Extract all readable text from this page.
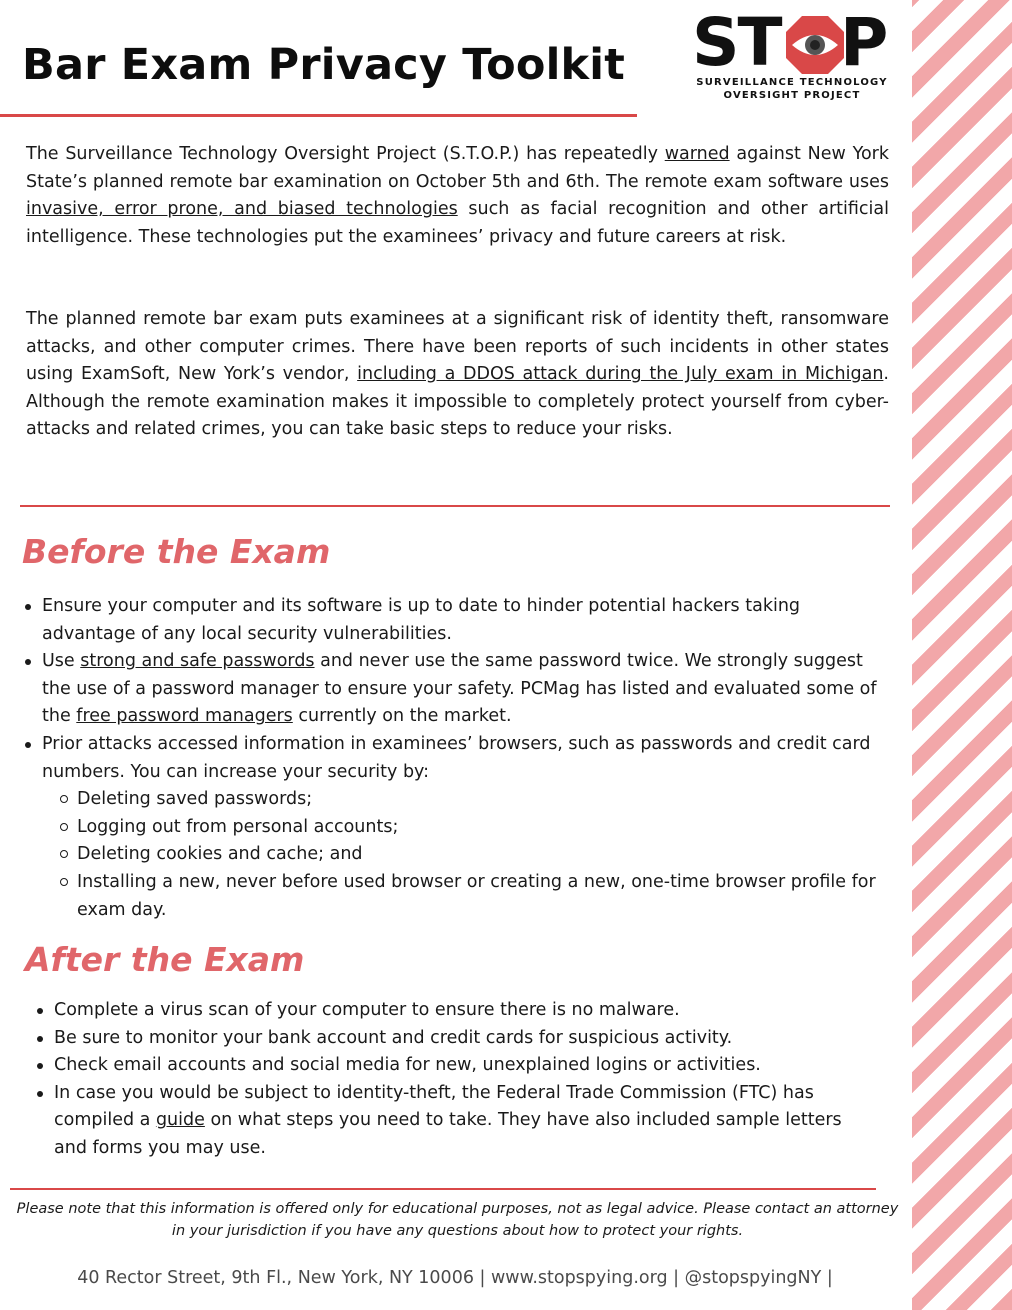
Bar Exam Privacy Toolkit ST P
SURVEILLANCE TECHNOLOGY
OVERSIGHT PROJECT

The Surveillance Technology Oversight Project (S.T.O.P.) has repeatedly warned against New York State’s planned remote bar examination on October 5th and 6th. The remote exam software uses invasive, error prone, and biased technologies such as facial recognition and other artificial intelligence. These technologies put the examinees’ privacy and future careers at risk.

The planned remote bar exam puts examinees at a significant risk of identity theft, ransomware attacks, and other computer crimes. There have been reports of such incidents in other states using ExamSoft, New York’s vendor, including a DDOS attack during the July exam in Michigan. Although the remote examination makes it impossible to completely protect yourself from cyber-attacks and related crimes, you can take basic steps to reduce your risks.

Before the Exam
Ensure your computer and its software is up to date to hinder potential hackers taking advantage of any local security vulnerabilities.
Use strong and safe passwords and never use the same password twice. We strongly suggest the use of a password manager to ensure your safety. PCMag has listed and evaluated some of the free password managers currently on the market.
Prior attacks accessed information in examinees’ browsers, such as passwords and credit card numbers. You can increase your security by:
Deleting saved passwords;
Logging out from personal accounts;
Deleting cookies and cache; and
Installing a new, never before used browser or creating a new, one-time browser profile for exam day.
After the Exam
Complete a virus scan of your computer to ensure there is no malware.
Be sure to monitor your bank account and credit cards for suspicious activity.
Check email accounts and social media for new, unexplained logins or activities.
In case you would be subject to identity-theft, the Federal Trade Commission (FTC) has compiled a guide on what steps you need to take. They have also included sample letters and forms you may use.

Please note that this information is offered only for educational purposes, not as legal advice. Please contact an attorney in your jurisdiction if you have any questions about how to protect your rights.

40 Rector Street, 9th Fl., New York, NY 10006 | www.stopspying.org | @stopspyingNY |
